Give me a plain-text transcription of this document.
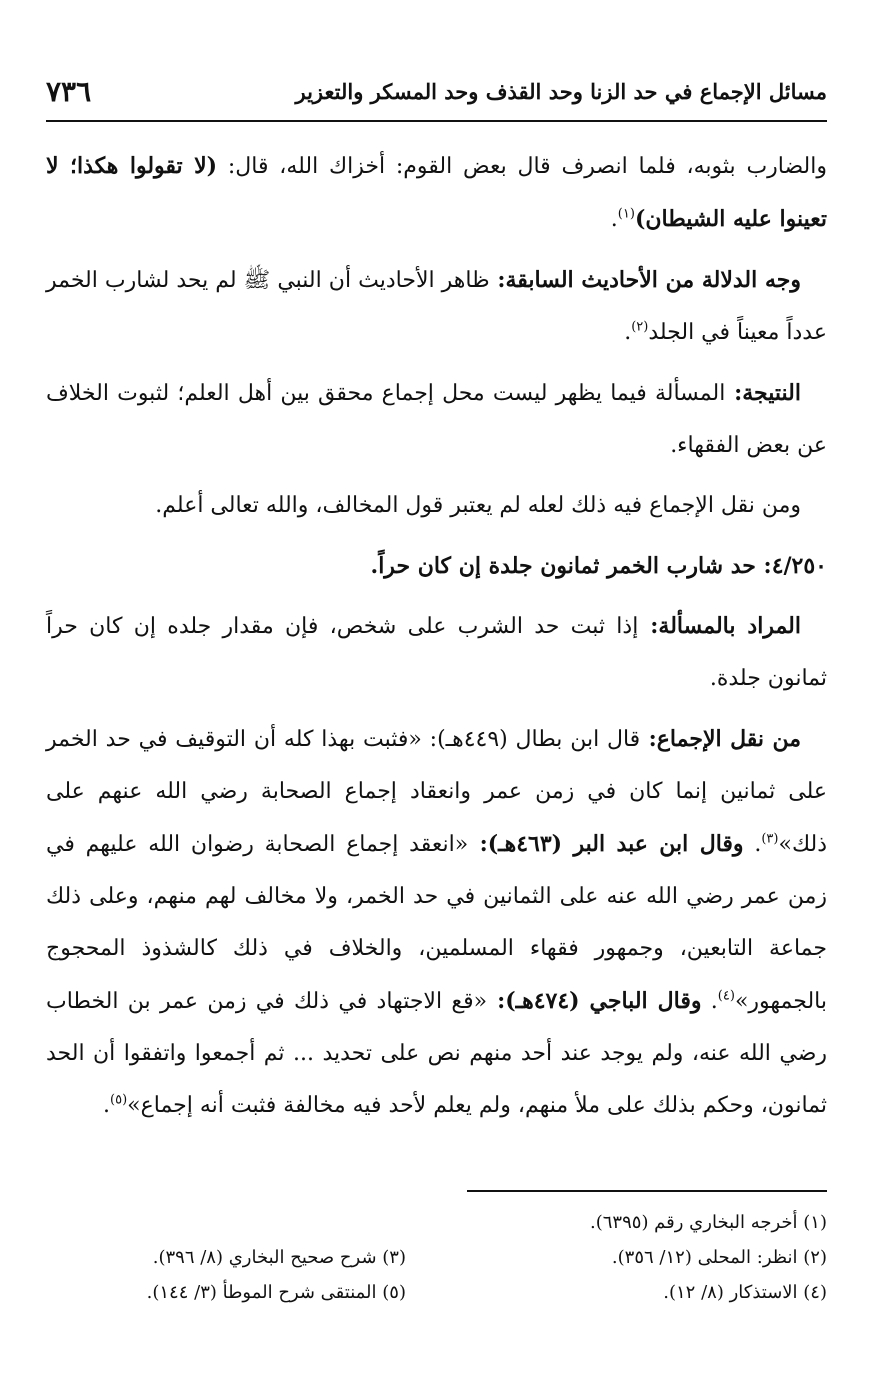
مسائل الإجماع في حد الزنا وحد القذف وحد المسكر والتعزير
٧٣٦

والضارب بثوبه، فلما انصرف قال بعض القوم: أخزاك الله، قال: (لا تقولوا هكذا؛ لا تعينوا عليه الشيطان)$^{(١)}$.

وجه الدلالة من الأحاديث السابقة: ظاهر الأحاديث أن النبي ﷺ لم يحد لشارب الخمر عدداً معيناً في الجلد$^{(٢)}$.

النتيجة: المسألة فيما يظهر ليست محل إجماع محقق بين أهل العلم؛ لثبوت الخلاف عن بعض الفقهاء.

ومن نقل الإجماع فيه ذلك لعله لم يعتبر قول المخالف، والله تعالى أعلم.

٤/٢٥٠: حد شارب الخمر ثمانون جلدة إن كان حراً.

المراد بالمسألة: إذا ثبت حد الشرب على شخص، فإن مقدار جلده إن كان حراً ثمانون جلدة.

من نقل الإجماع: قال ابن بطال (٤٤٩هـ): «فثبت بهذا كله أن التوقيف في حد الخمر على ثمانين إنما كان في زمن عمر وانعقاد إجماع الصحابة رضي الله عنهم على ذلك»$^{(٣)}$. وقال ابن عبد البر (٤٦٣هـ): «انعقد إجماع الصحابة رضوان الله عليهم في زمن عمر رضي الله عنه على الثمانين في حد الخمر، ولا مخالف لهم منهم، وعلى ذلك جماعة التابعين، وجمهور فقهاء المسلمين، والخلاف في ذلك كالشذوذ المحجوج بالجمهور»$^{(٤)}$. وقال الباجي (٤٧٤هـ): «قع الاجتهاد في ذلك في زمن عمر بن الخطاب رضي الله عنه، ولم يوجد عند أحد منهم نص على تحديد ... ثم أجمعوا واتفقوا أن الحد ثمانون، وحكم بذلك على ملأ منهم، ولم يعلم لأحد فيه مخالفة فثبت أنه إجماع»$^{(٥)}$.

(١) أخرجه البخاري رقم (٦٣٩٥).
(٢) انظر: المحلى (١٢/ ٣٥٦).
(٣) شرح صحيح البخاري (٨/ ٣٩٦).
(٤) الاستذكار (٨/ ١٢).
(٥) المنتقى شرح الموطأ (٣/ ١٤٤).
